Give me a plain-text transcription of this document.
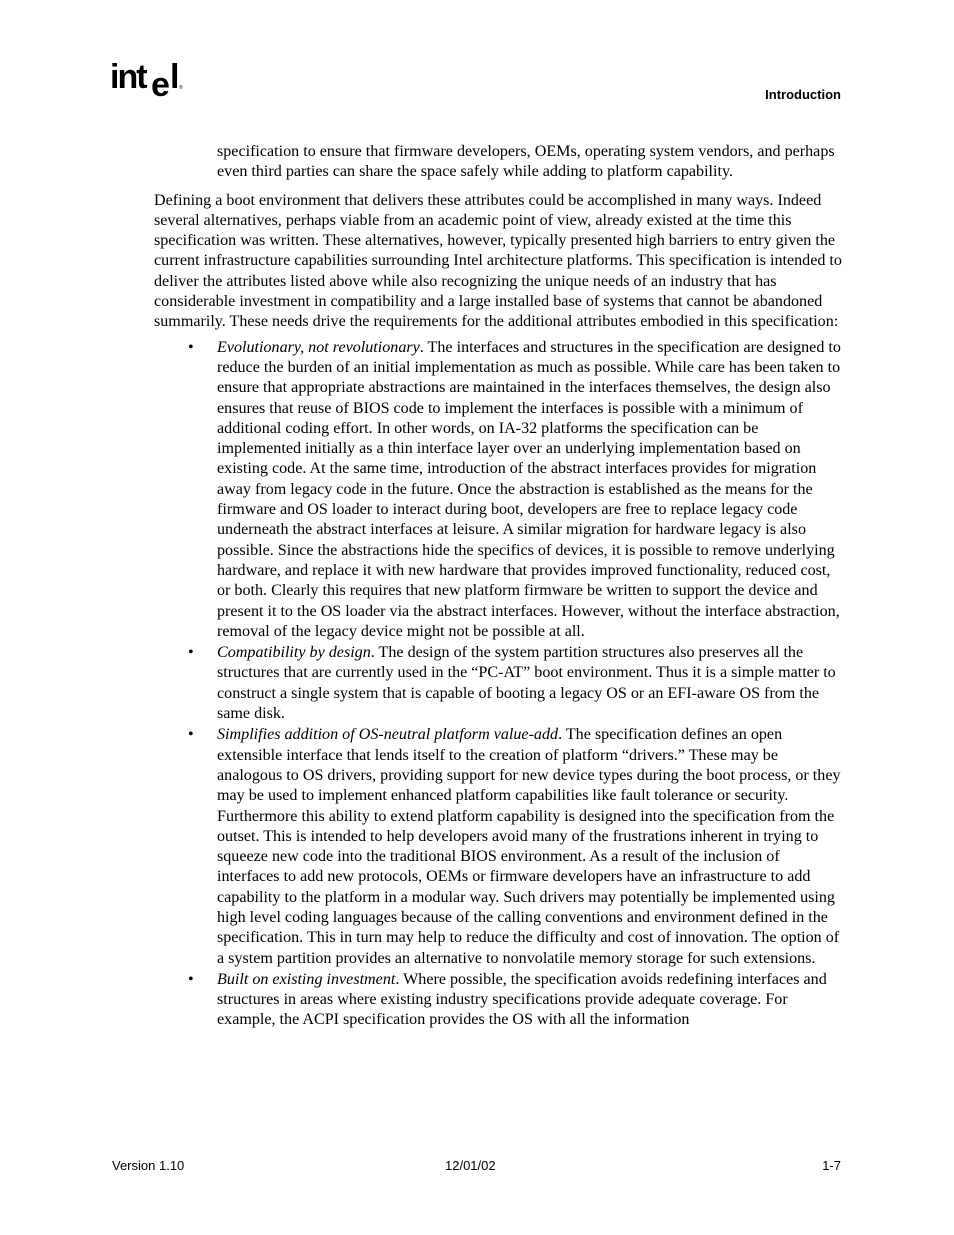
int e l ®	Introduction

specification to ensure that firmware developers, OEMs, operating system vendors, and perhaps even third parties can share the space safely while adding to platform capability.

Defining a boot environment that delivers these attributes could be accomplished in many ways. Indeed several alternatives, perhaps viable from an academic point of view, already existed at the time this specification was written. These alternatives, however, typically presented high barriers to entry given the current infrastructure capabilities surrounding Intel architecture platforms. This specification is intended to deliver the attributes listed above while also recognizing the unique needs of an industry that has considerable investment in compatibility and a large installed base of systems that cannot be abandoned summarily. These needs drive the requirements for the additional attributes embodied in this specification:

• Evolutionary, not revolutionary. The interfaces and structures in the specification are designed to reduce the burden of an initial implementation as much as possible. While care has been taken to ensure that appropriate abstractions are maintained in the interfaces themselves, the design also ensures that reuse of BIOS code to implement the interfaces is possible with a minimum of additional coding effort. In other words, on IA-32 platforms the specification can be implemented initially as a thin interface layer over an underlying implementation based on existing code. At the same time, introduction of the abstract interfaces provides for migration away from legacy code in the future. Once the abstraction is established as the means for the firmware and OS loader to interact during boot, developers are free to replace legacy code underneath the abstract interfaces at leisure. A similar migration for hardware legacy is also possible. Since the abstractions hide the specifics of devices, it is possible to remove underlying hardware, and replace it with new hardware that provides improved functionality, reduced cost, or both. Clearly this requires that new platform firmware be written to support the device and present it to the OS loader via the abstract interfaces. However, without the interface abstraction, removal of the legacy device might not be possible at all.
• Compatibility by design. The design of the system partition structures also preserves all the structures that are currently used in the “PC-AT” boot environment. Thus it is a simple matter to construct a single system that is capable of booting a legacy OS or an EFI-aware OS from the same disk.
• Simplifies addition of OS-neutral platform value-add. The specification defines an open extensible interface that lends itself to the creation of platform “drivers.” These may be analogous to OS drivers, providing support for new device types during the boot process, or they may be used to implement enhanced platform capabilities like fault tolerance or security. Furthermore this ability to extend platform capability is designed into the specification from the outset. This is intended to help developers avoid many of the frustrations inherent in trying to squeeze new code into the traditional BIOS environment. As a result of the inclusion of interfaces to add new protocols, OEMs or firmware developers have an infrastructure to add capability to the platform in a modular way. Such drivers may potentially be implemented using high level coding languages because of the calling conventions and environment defined in the specification. This in turn may help to reduce the difficulty and cost of innovation. The option of a system partition provides an alternative to nonvolatile memory storage for such extensions.
• Built on existing investment. Where possible, the specification avoids redefining interfaces and structures in areas where existing industry specifications provide adequate coverage. For example, the ACPI specification provides the OS with all the information
Version 1.10	12/01/02	1-7
